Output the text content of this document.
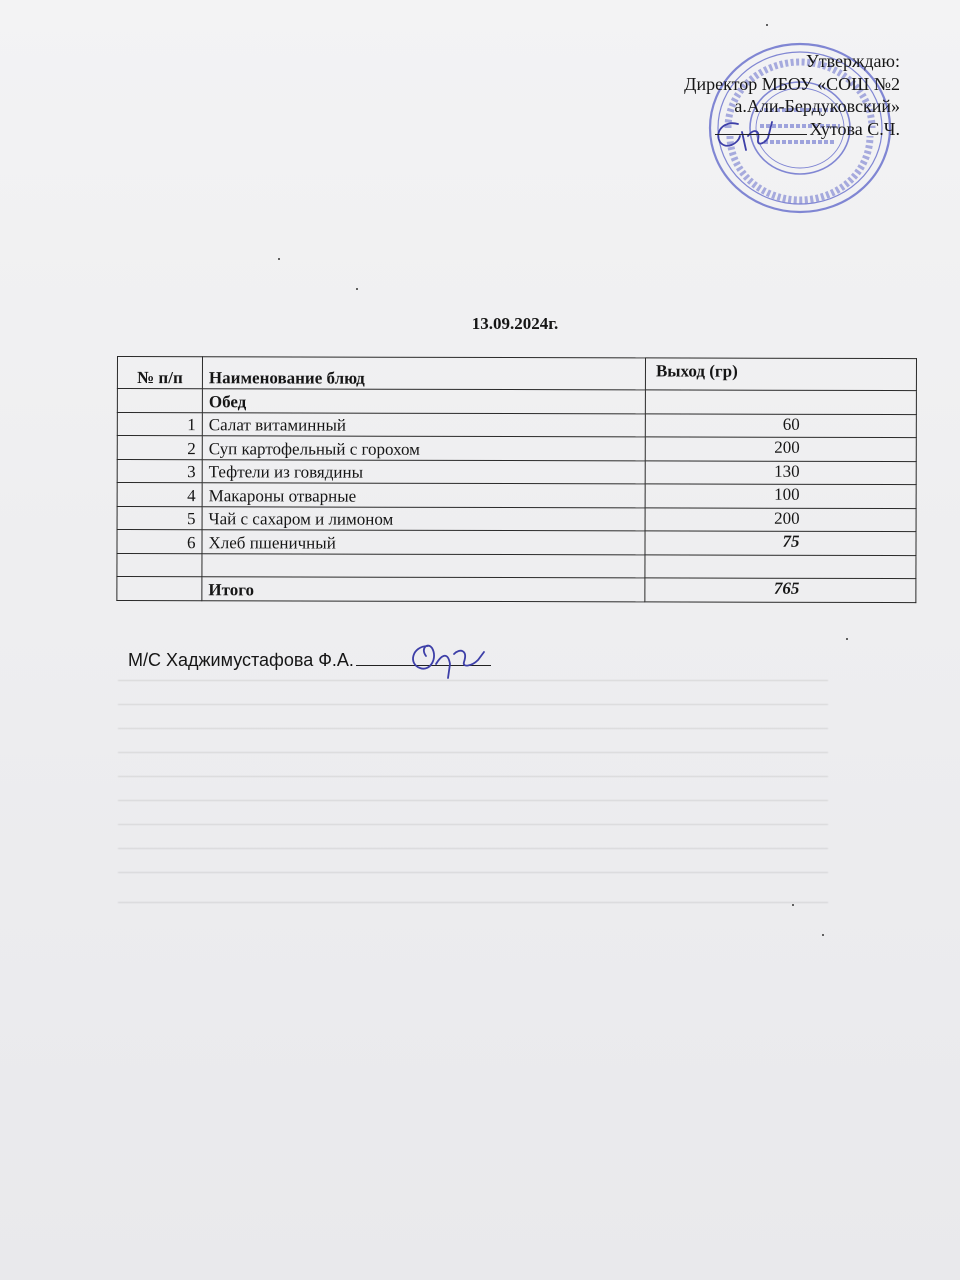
Утверждаю:
Директор МБОУ «СОШ №2
а.Али-Бердуковский»
Хутова С.Ч.
13.09.2024г.
№ п/п	Наименование блюд	Выход (гр)
	Обед	
1	Салат витаминный	60
2	Суп картофельный с горохом	200
3	Тефтели из говядины	130
4	Макароны отварные	100
5	Чай с сахаром и лимоном	200
6	Хлеб пшеничный	75

	Итого	765
М/С Хаджимустафова Ф.А.
